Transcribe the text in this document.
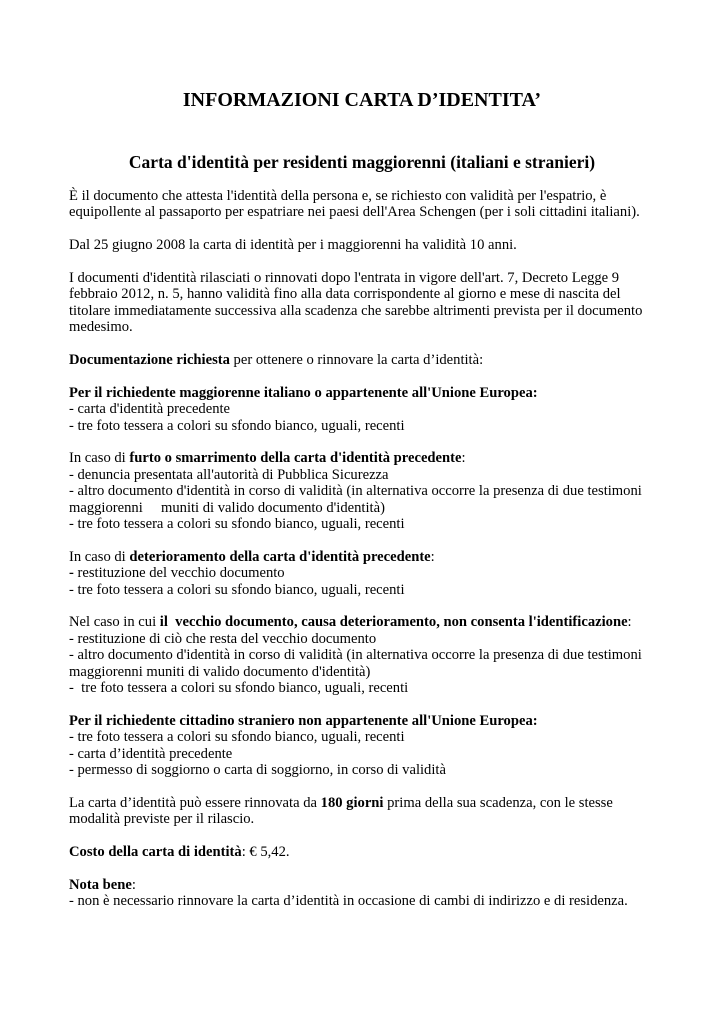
INFORMAZIONI CARTA D’IDENTITA’
Carta d'identità per residenti maggiorenni (italiani e stranieri)

È il documento che attesta l'identità della persona e, se richiesto con validità per l'espatrio, è
equipollente al passaporto per espatriare nei paesi dell'Area Schengen (per i soli cittadini italiani).

Dal 25 giugno 2008 la carta di identità per i maggiorenni ha validità 10 anni.

I documenti d'identità rilasciati o rinnovati dopo l'entrata in vigore dell'art. 7, Decreto Legge 9
febbraio 2012, n. 5, hanno validità fino alla data corrispondente al giorno e mese di nascita del
titolare immediatamente successiva alla scadenza che sarebbe altrimenti prevista per il documento
medesimo.

Documentazione richiesta per ottenere o rinnovare la carta d’identità:

Per il richiedente maggiorenne italiano o appartenente all'Unione Europea:
- carta d'identità precedente
- tre foto tessera a colori su sfondo bianco, uguali, recenti

In caso di furto o smarrimento della carta d'identità precedente:
- denuncia presentata all'autorità di Pubblica Sicurezza
- altro documento d'identità in corso di validità (in alternativa occorre la presenza di due testimoni
maggiorenni     muniti di valido documento d'identità)
- tre foto tessera a colori su sfondo bianco, uguali, recenti

In caso di deterioramento della carta d'identità precedente:
- restituzione del vecchio documento
- tre foto tessera a colori su sfondo bianco, uguali, recenti

Nel caso in cui il  vecchio documento, causa deterioramento, non consenta l'identificazione:
- restituzione di ciò che resta del vecchio documento
- altro documento d'identità in corso di validità (in alternativa occorre la presenza di due testimoni
maggiorenni muniti di valido documento d'identità)
-  tre foto tessera a colori su sfondo bianco, uguali, recenti

Per il richiedente cittadino straniero non appartenente all'Unione Europea:
- tre foto tessera a colori su sfondo bianco, uguali, recenti
- carta d’identità precedente
- permesso di soggiorno o carta di soggiorno, in corso di validità

La carta d’identità può essere rinnovata da 180 giorni prima della sua scadenza, con le stesse
modalità previste per il rilascio.

Costo della carta di identità: € 5,42.

Nota bene:
- non è necessario rinnovare la carta d’identità in occasione di cambi di indirizzo e di residenza.
